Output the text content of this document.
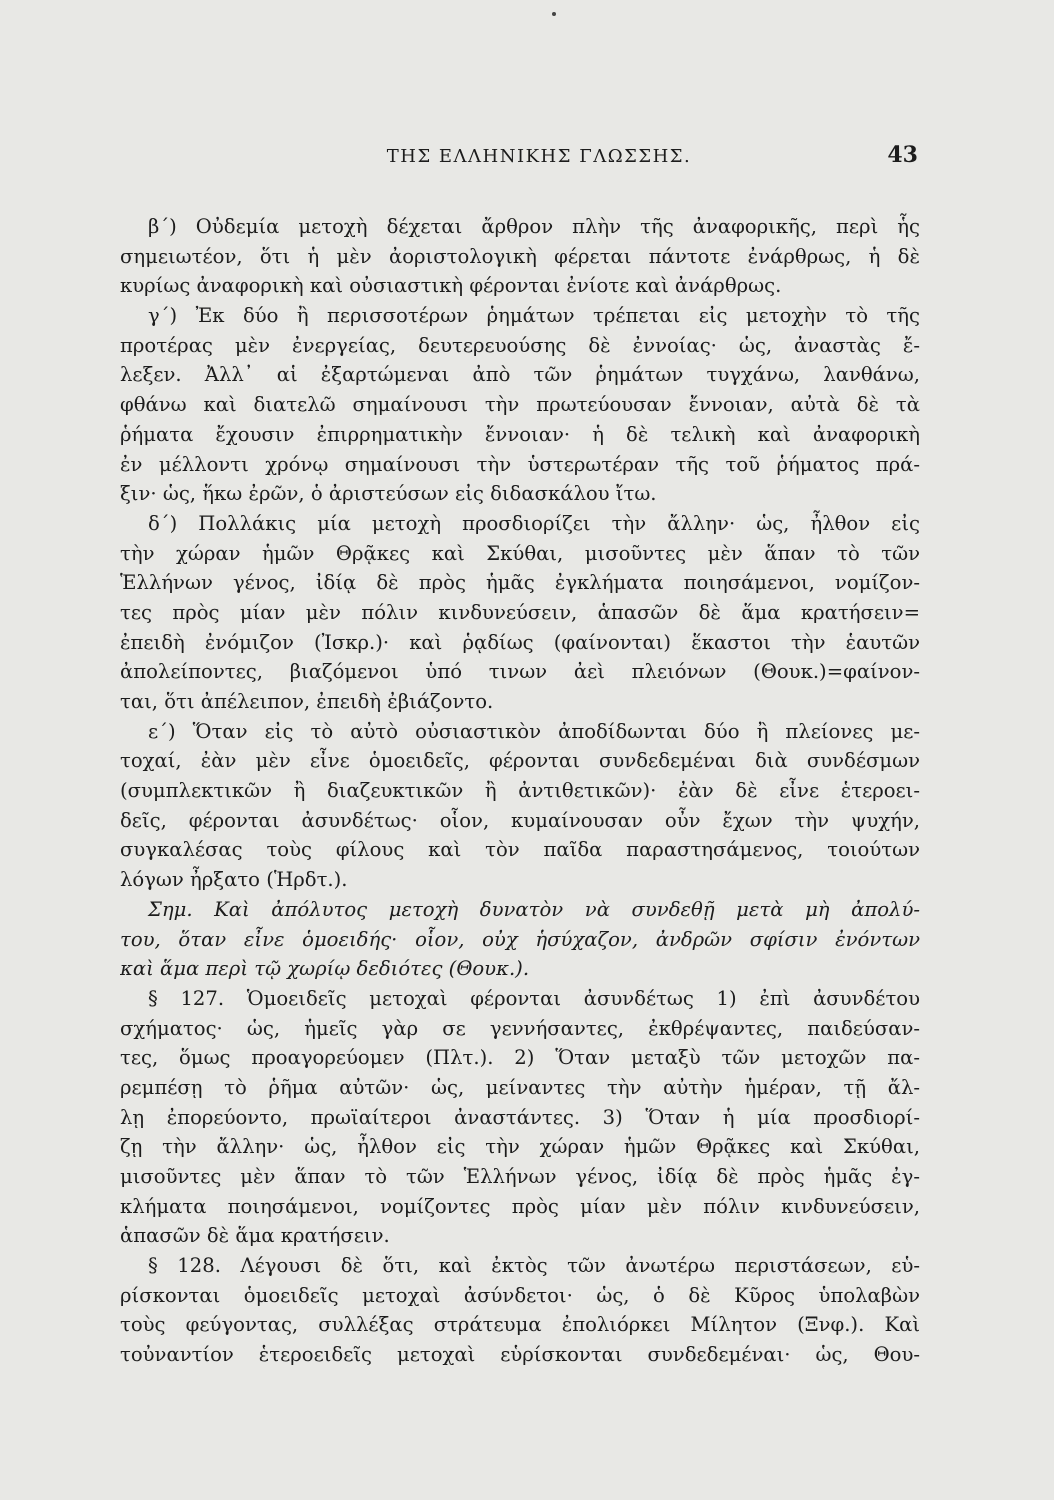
ΤΗΣ ΕΛΛΗΝΙΚΗΣ ΓΛΩΣΣΗΣ.	43
β΄) Οὐδεμία μετοχὴ δέχεται ἄρθρον πλὴν τῆς ἀναφορικῆς, περὶ ἧς
σημειωτέον, ὅτι ἡ μὲν ἀοριστολογικὴ φέρεται πάντοτε ἐνάρθρως, ἡ δὲ
κυρίως ἀναφορικὴ καὶ οὐσιαστικὴ φέρονται ἐνίοτε καὶ ἀνάρθρως.
γ΄) Ἐκ δύο ἢ περισσοτέρων ῥημάτων τρέπεται εἰς μετοχὴν τὸ τῆς
προτέρας μὲν ἐνεργείας, δευτερευούσης δὲ ἐννοίας· ὡς, ἀναστὰς ἔ-
λεξεν. Ἀλλ᾿ αἱ ἐξαρτώμεναι ἀπὸ τῶν ῥημάτων τυγχάνω, λανθάνω,
φθάνω καὶ διατελῶ σημαίνουσι τὴν πρωτεύουσαν ἔννοιαν, αὐτὰ δὲ τὰ
ῥήματα ἔχουσιν ἐπιρρηματικὴν ἔννοιαν· ἡ δὲ τελικὴ καὶ ἀναφορικὴ
ἐν μέλλοντι χρόνῳ σημαίνουσι τὴν ὑστερωτέραν τῆς τοῦ ῥήματος πρά-
ξιν· ὡς, ἥκω ἐρῶν, ὁ ἀριστεύσων εἰς διδασκάλου ἴτω.
δ΄) Πολλάκις μία μετοχὴ προσδιορίζει τὴν ἄλλην· ὡς, ἦλθον εἰς
τὴν χώραν ἡμῶν Θρᾷκες καὶ Σκύθαι, μισοῦντες μὲν ἅπαν τὸ τῶν
Ἑλλήνων γένος, ἰδίᾳ δὲ πρὸς ἡμᾶς ἐγκλήματα ποιησάμενοι, νομίζον-
τες πρὸς μίαν μὲν πόλιν κινδυνεύσειν, ἁπασῶν δὲ ἅμα κρατήσειν=
ἐπειδὴ ἐνόμιζον (Ἰσκρ.)· καὶ ῥᾳδίως (φαίνονται) ἕκαστοι τὴν ἑαυτῶν
ἀπολείποντες, βιαζόμενοι ὑπό τινων ἀεὶ πλειόνων (Θουκ.)=φαίνον-
ται, ὅτι ἀπέλειπον, ἐπειδὴ ἐβιάζοντο.
ε΄) Ὅταν εἰς τὸ αὐτὸ οὐσιαστικὸν ἀποδίδωνται δύο ἢ πλείονες με-
τοχαί, ἐὰν μὲν εἶνε ὁμοειδεῖς, φέρονται συνδεδεμέναι διὰ συνδέσμων
(συμπλεκτικῶν ἢ διαζευκτικῶν ἢ ἀντιθετικῶν)· ἐὰν δὲ εἶνε ἑτεροει-
δεῖς, φέρονται ἀσυνδέτως· οἷον, κυμαίνουσαν οὖν ἔχων τὴν ψυχήν,
συγκαλέσας τοὺς φίλους καὶ τὸν παῖδα παραστησάμενος, τοιούτων
λόγων ἦρξατο (Ἡρδτ.).
Σημ. Καὶ ἀπόλυτος μετοχὴ δυνατὸν νὰ συνδεθῇ μετὰ μὴ ἀπολύ-
του, ὅταν εἶνε ὁμοειδής· οἷον, οὐχ ἡσύχαζον, ἀνδρῶν σφίσιν ἐνόντων
καὶ ἅμα περὶ τῷ χωρίῳ δεδιότες (Θουκ.).
§ 127. Ὁμοειδεῖς μετοχαὶ φέρονται ἀσυνδέτως 1) ἐπὶ ἀσυνδέτου
σχήματος· ὡς, ἡμεῖς γὰρ σε γεννήσαντες, ἐκθρέψαντες, παιδεύσαν-
τες, ὅμως προαγορεύομεν (Πλτ.). 2) Ὅταν μεταξὺ τῶν μετοχῶν πα-
ρεμπέσῃ τὸ ῥῆμα αὐτῶν· ὡς, μείναντες τὴν αὐτὴν ἡμέραν, τῇ ἄλ-
λῃ ἐπορεύοντο, πρωϊαίτεροι ἀναστάντες. 3) Ὅταν ἡ μία προσδιορί-
ζῃ τὴν ἄλλην· ὡς, ἦλθον εἰς τὴν χώραν ἡμῶν Θρᾷκες καὶ Σκύθαι,
μισοῦντες μὲν ἅπαν τὸ τῶν Ἑλλήνων γένος, ἰδίᾳ δὲ πρὸς ἡμᾶς ἐγ-
κλήματα ποιησάμενοι, νομίζοντες πρὸς μίαν μὲν πόλιν κινδυνεύσειν,
ἁπασῶν δὲ ἅμα κρατήσειν.
§ 128. Λέγουσι δὲ ὅτι, καὶ ἐκτὸς τῶν ἀνωτέρω περιστάσεων, εὑ-
ρίσκονται ὁμοειδεῖς μετοχαὶ ἀσύνδετοι· ὡς, ὁ δὲ Κῦρος ὑπολαβὼν
τοὺς φεύγοντας, συλλέξας στράτευμα ἐπολιόρκει Μίλητον (Ξνφ.). Καὶ
τοὐναντίον ἑτεροειδεῖς μετοχαὶ εὑρίσκονται συνδεδεμέναι· ὡς, Θου-
